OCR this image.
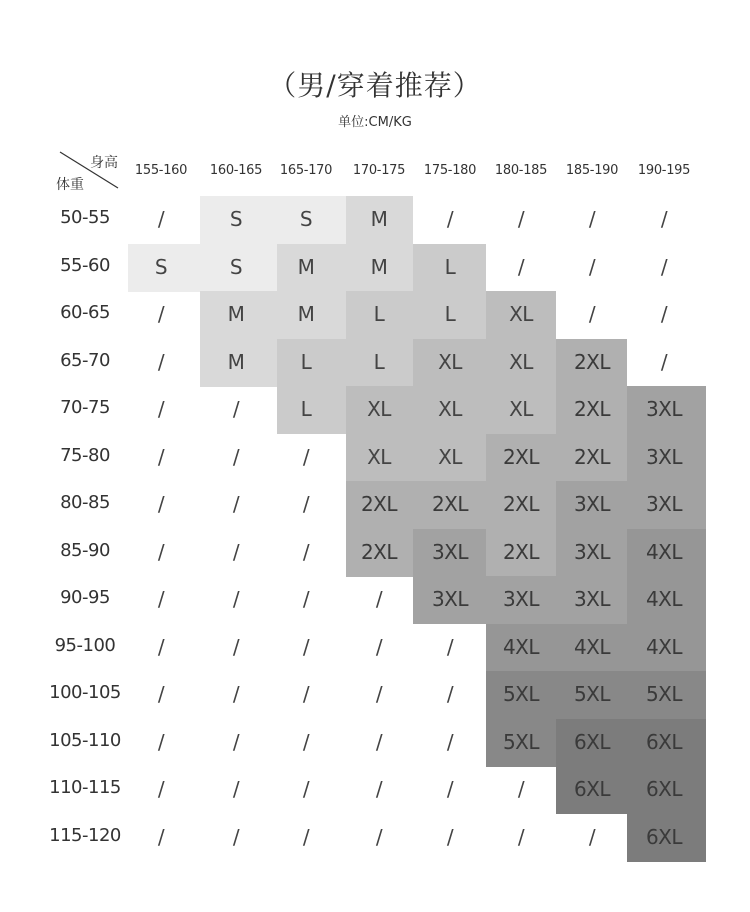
（男/穿着推荐）
单位:CM/KG
身高
体重
155-160	160-165	165-170	170-175	175-180	180-185	185-190	190-195
50-55	/	S	S	M	/	/	/	/
55-60	S	S	M	M	L	/	/	/
60-65	/	M	M	L	L	XL	/	/
65-70	/	M	L	L	XL	XL	2XL	/
70-75	/	/	L	XL	XL	XL	2XL	3XL
75-80	/	/	/	XL	XL	2XL	2XL	3XL
80-85	/	/	/	2XL	2XL	2XL	3XL	3XL
85-90	/	/	/	2XL	3XL	2XL	3XL	4XL
90-95	/	/	/	/	3XL	3XL	3XL	4XL
95-100	/	/	/	/	/	4XL	4XL	4XL
100-105	/	/	/	/	/	5XL	5XL	5XL
105-110	/	/	/	/	/	5XL	6XL	6XL
110-115	/	/	/	/	/	/	6XL	6XL
115-120	/	/	/	/	/	/	/	6XL
